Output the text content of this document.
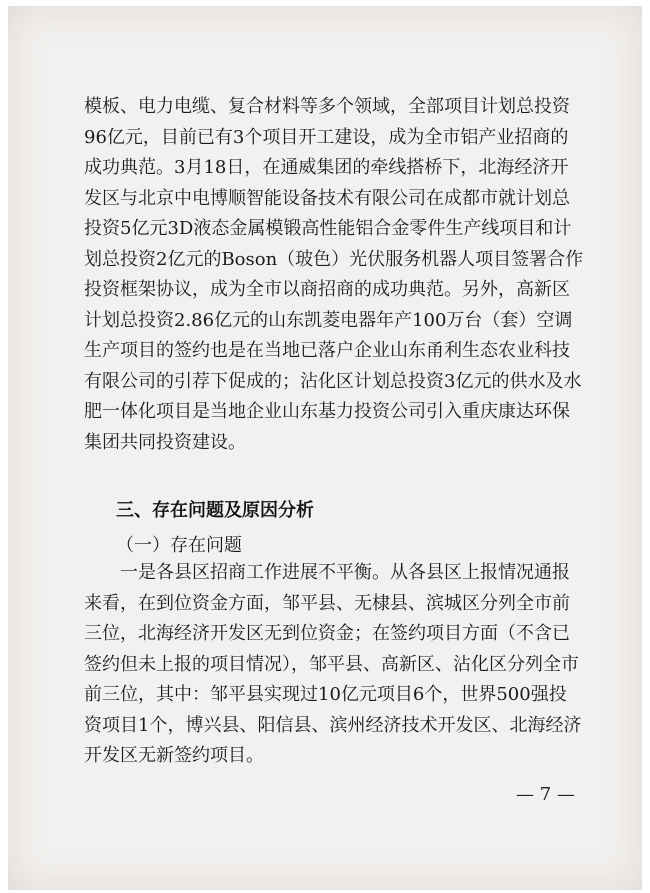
模板、电力电缆、复合材料等多个领域，全部项目计划总投资96亿元，目前已有3个项目开工建设，成为全市铝产业招商的成功典范。3月18日，在通威集团的牵线搭桥下，北海经济开发区与北京中电博顺智能设备技术有限公司在成都市就计划总投资5亿元3D液态金属模锻高性能铝合金零件生产线项目和计划总投资2亿元的Boson（玻色）光伏服务机器人项目签署合作投资框架协议，成为全市以商招商的成功典范。另外，高新区计划总投资2.86亿元的山东凯菱电器年产100万台（套）空调生产项目的签约也是在当地已落户企业山东甬利生态农业科技有限公司的引荐下促成的；沾化区计划总投资3亿元的供水及水肥一体化项目是当地企业山东基力投资公司引入重庆康达环保集团共同投资建设。

三、存在问题及原因分析
（一）存在问题

一是各县区招商工作进展不平衡。从各县区上报情况通报来看，在到位资金方面，邹平县、无棣县、滨城区分列全市前三位，北海经济开发区无到位资金；在签约项目方面（不含已签约但未上报的项目情况），邹平县、高新区、沾化区分列全市前三位，其中：邹平县实现过10亿元项目6个，世界500强投资项目1个，博兴县、阳信县、滨州经济技术开发区、北海经济开发区无新签约项目。

— 7 —
